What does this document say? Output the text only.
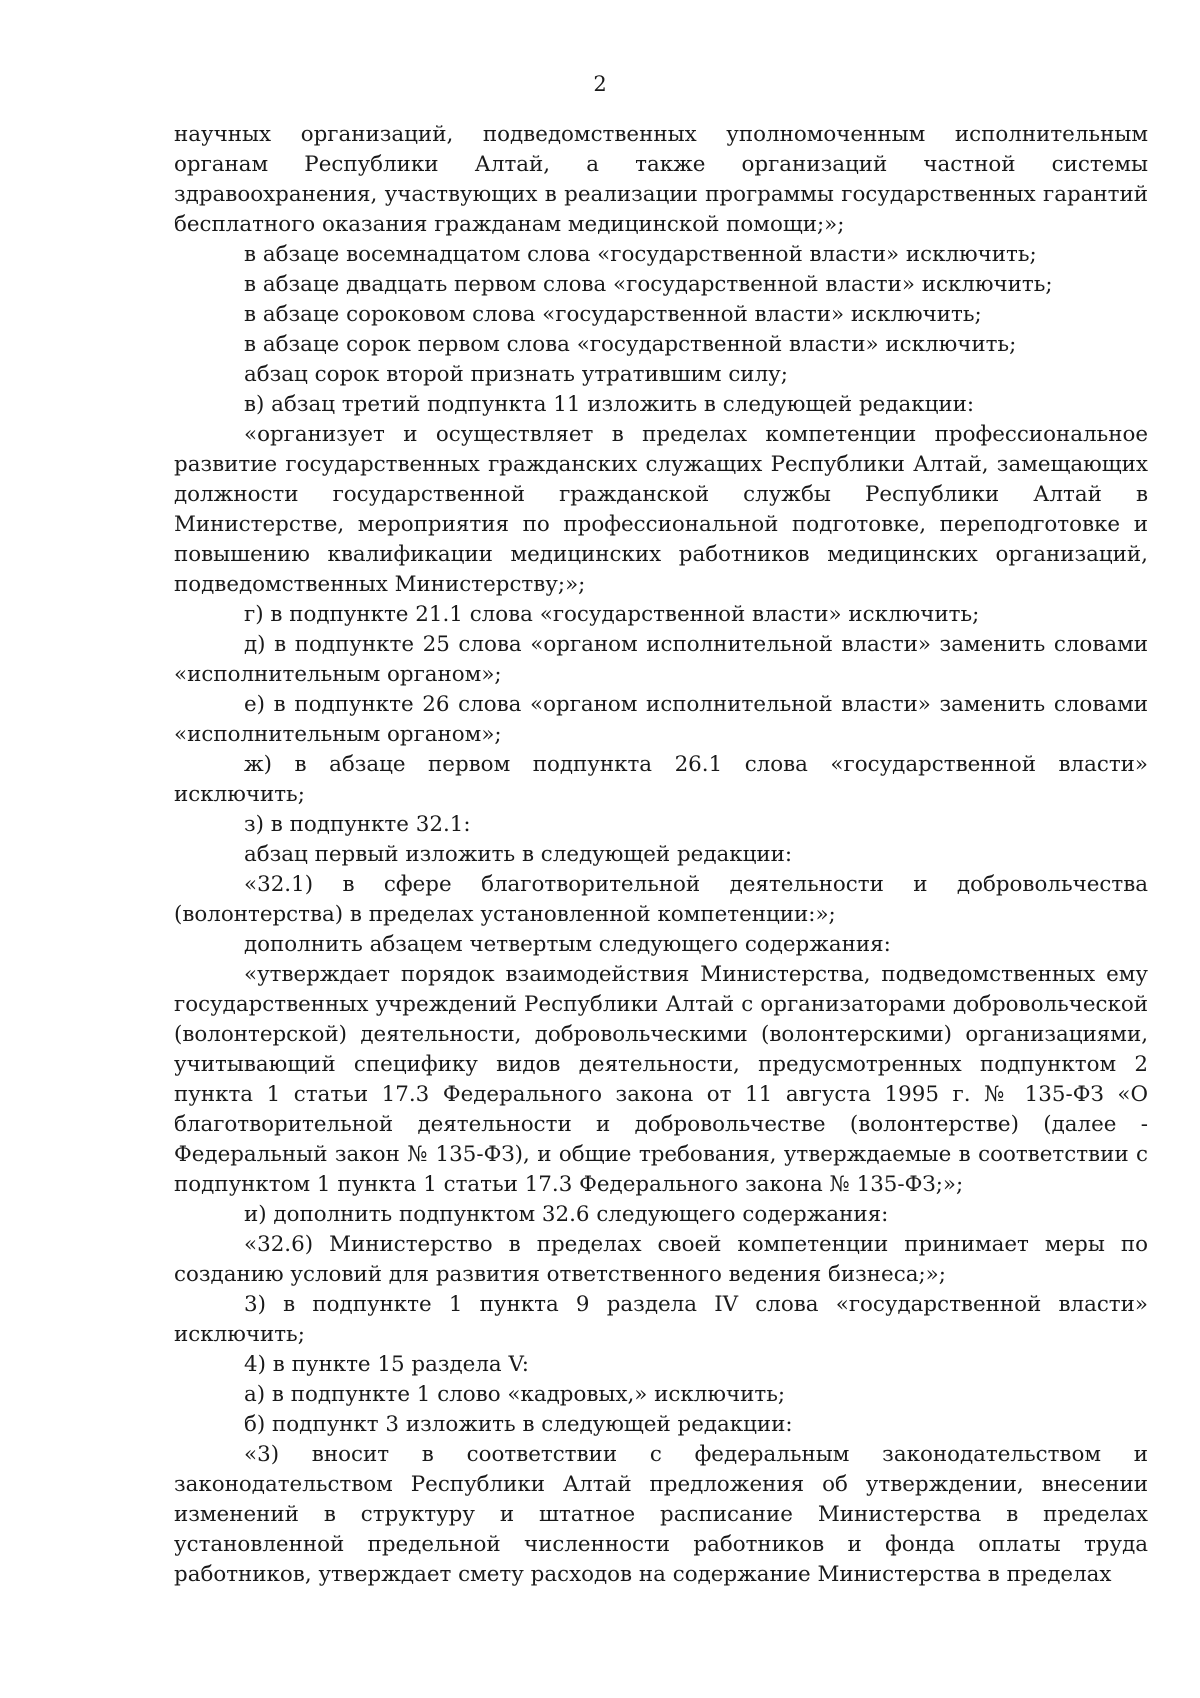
2

научных организаций, подведомственных уполномоченным исполнительным органам Республики Алтай, а также организаций частной системы здравоохранения, участвующих в реализации программы государственных гарантий бесплатного оказания гражданам медицинской помощи;»;

в абзаце восемнадцатом слова «государственной власти» исключить;

в абзаце двадцать первом слова «государственной власти» исключить;

в абзаце сороковом слова «государственной власти» исключить;

в абзаце сорок первом слова «государственной власти» исключить;

абзац сорок второй признать утратившим силу;

в) абзац третий подпункта 11 изложить в следующей редакции:

«организует и осуществляет в пределах компетенции профессиональное развитие государственных гражданских служащих Республики Алтай, замещающих должности государственной гражданской службы Республики Алтай в Министерстве, мероприятия по профессиональной подготовке, переподготовке и повышению квалификации медицинских работников медицинских организаций, подведомственных Министерству;»;

г) в подпункте 21.1 слова «государственной власти» исключить;

д) в подпункте 25 слова «органом исполнительной власти» заменить словами «исполнительным органом»;

е) в подпункте 26 слова «органом исполнительной власти» заменить словами «исполнительным органом»;

ж) в абзаце первом подпункта 26.1 слова «государственной власти» исключить;

з) в подпункте 32.1:

абзац первый изложить в следующей редакции:

«32.1) в сфере благотворительной деятельности и добровольчества (волонтерства) в пределах установленной компетенции:»;

дополнить абзацем четвертым следующего содержания:

«утверждает порядок взаимодействия Министерства, подведомственных ему государственных учреждений Республики Алтай с организаторами добровольческой (волонтерской) деятельности, добровольческими (волонтерскими) организациями, учитывающий специфику видов деятельности, предусмотренных подпунктом 2 пункта 1 статьи 17.3 Федерального закона от 11 августа 1995 г. № 135-ФЗ «О благотворительной деятельности и добровольчестве (волонтерстве) (далее - Федеральный закон № 135-ФЗ), и общие требования, утверждаемые в соответствии с подпунктом 1 пункта 1 статьи 17.3 Федерального закона № 135-ФЗ;»;

и) дополнить подпунктом 32.6 следующего содержания:

«32.6) Министерство в пределах своей компетенции принимает меры по созданию условий для развития ответственного ведения бизнеса;»;

3) в подпункте 1 пункта 9 раздела IV слова «государственной власти» исключить;

4) в пункте 15 раздела V:

а) в подпункте 1 слово «кадровых,» исключить;

б) подпункт 3 изложить в следующей редакции:

«3) вносит в соответствии с федеральным законодательством и законодательством Республики Алтай предложения об утверждении, внесении изменений в структуру и штатное расписание Министерства в пределах установленной предельной численности работников и фонда оплаты труда работников, утверждает смету расходов на содержание Министерства в пределах
